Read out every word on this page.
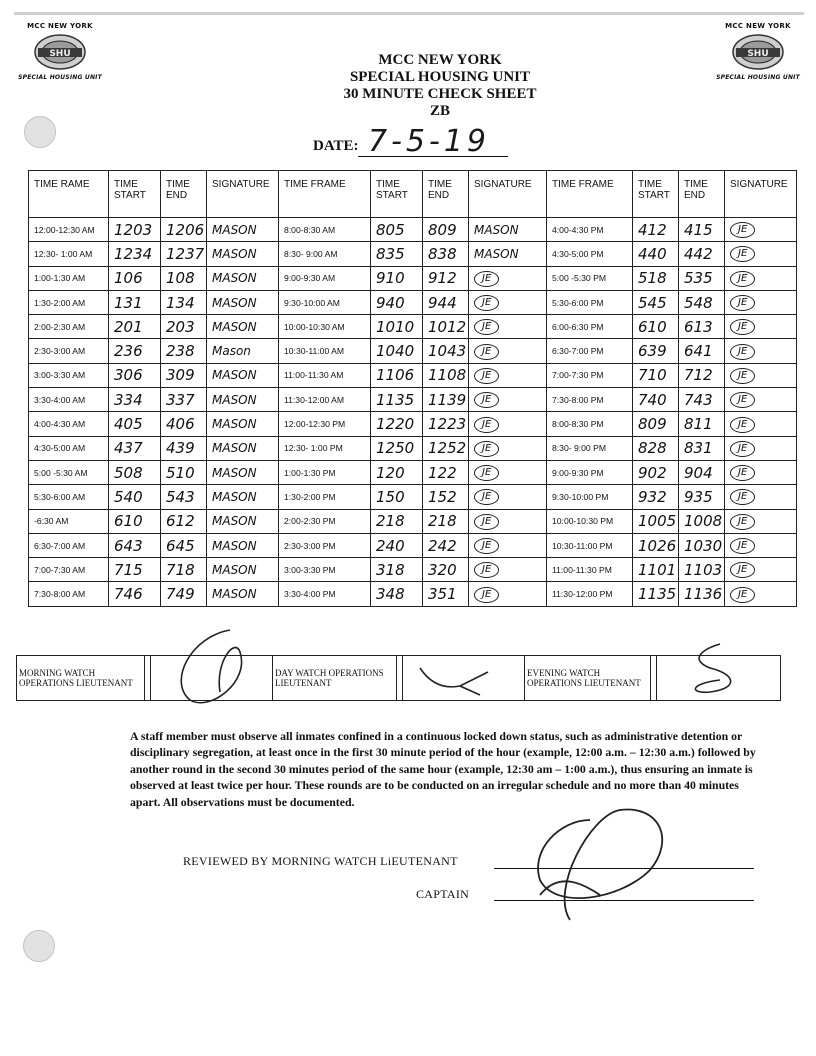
MCC NEW YORK
SHU
SPECIAL HOUSING UNIT
MCC NEW YORK
SHU
SPECIAL HOUSING UNIT
MCC NEW YORK
SPECIAL HOUSING UNIT
30 MINUTE CHECK SHEET
ZB
DATE: 7-5-19
TIME RAME	TIME START	TIME END	SIGNATURE	TIME FRAME	TIME START	TIME END	SIGNATURE	TIME FRAME	TIME START	TIME END	SIGNATURE
12:00-12:30 AM	1203	1206	MASON	8:00-8:30 AM	805	809	MASON	4:00-4:30 PM	412	415	JE
12:30- 1:00 AM	1234	1237	MASON	8:30- 9:00 AM	835	838	MASON	4:30-5:00 PM	440	442	JE
1:00-1:30 AM	106	108	MASON	9:00-9:30 AM	910	912	JE	5:00 -5:30 PM	518	535	JE
1:30-2:00 AM	131	134	MASON	9:30-10:00 AM	940	944	JE	5:30-6:00 PM	545	548	JE
2:00-2:30 AM	201	203	MASON	10:00-10:30 AM	1010	1012	JE	6:00-6:30 PM	610	613	JE
2:30-3:00 AM	236	238	Mason	10:30-11:00 AM	1040	1043	JE	6:30-7:00 PM	639	641	JE
3:00-3:30 AM	306	309	MASON	11:00-11:30 AM	1106	1108	JE	7:00-7:30 PM	710	712	JE
3:30-4:00 AM	334	337	MASON	11:30-12:00 AM	1135	1139	JE	7:30-8:00 PM	740	743	JE
4:00-4:30 AM	405	406	MASON	12:00-12:30 PM	1220	1223	JE	8:00-8:30 PM	809	811	JE
4:30-5:00 AM	437	439	MASON	12:30- 1:00 PM	1250	1252	JE	8:30- 9:00 PM	828	831	JE
5:00 -5:30 AM	508	510	MASON	1:00-1:30 PM	120	122	JE	9:00-9:30 PM	902	904	JE
5:30-6:00 AM	540	543	MASON	1:30-2:00 PM	150	152	JE	9:30-10:00 PM	932	935	JE
-6:30 AM	610	612	MASON	2:00-2:30 PM	218	218	JE	10:00-10:30 PM	1005	1008	JE
6:30-7:00 AM	643	645	MASON	2:30-3:00 PM	240	242	JE	10:30-11:00 PM	1026	1030	JE
7:00-7:30 AM	715	718	MASON	3:00-3:30 PM	318	320	JE	11:00-11:30 PM	1101	1103	JE
7:30-8:00 AM	746	749	MASON	3:30-4:00 PM	348	351	JE	11:30-12:00 PM	1135	1136	JE
MORNING WATCH OPERATIONS LIEUTENANT			DAY WATCH OPERATIONS LIEUTENANT			EVENING WATCH OPERATIONS LIEUTENANT		
A staff member must observe all inmates confined in a continuous locked down status, such as administrative detention or disciplinary segregation, at least once in the first 30 minute period of the hour (example, 12:00 a.m. – 12:30 a.m.) followed by another round in the second 30 minutes period of the same hour (example, 12:30 am – 1:00 a.m.), thus ensuring an inmate is observed at least twice per hour. These rounds are to be conducted on an irregular schedule and no more than 40 minutes apart. All observations must be documented.
REVIEWED BY MORNING WATCH LiEUTENANT
CAPTAIN
